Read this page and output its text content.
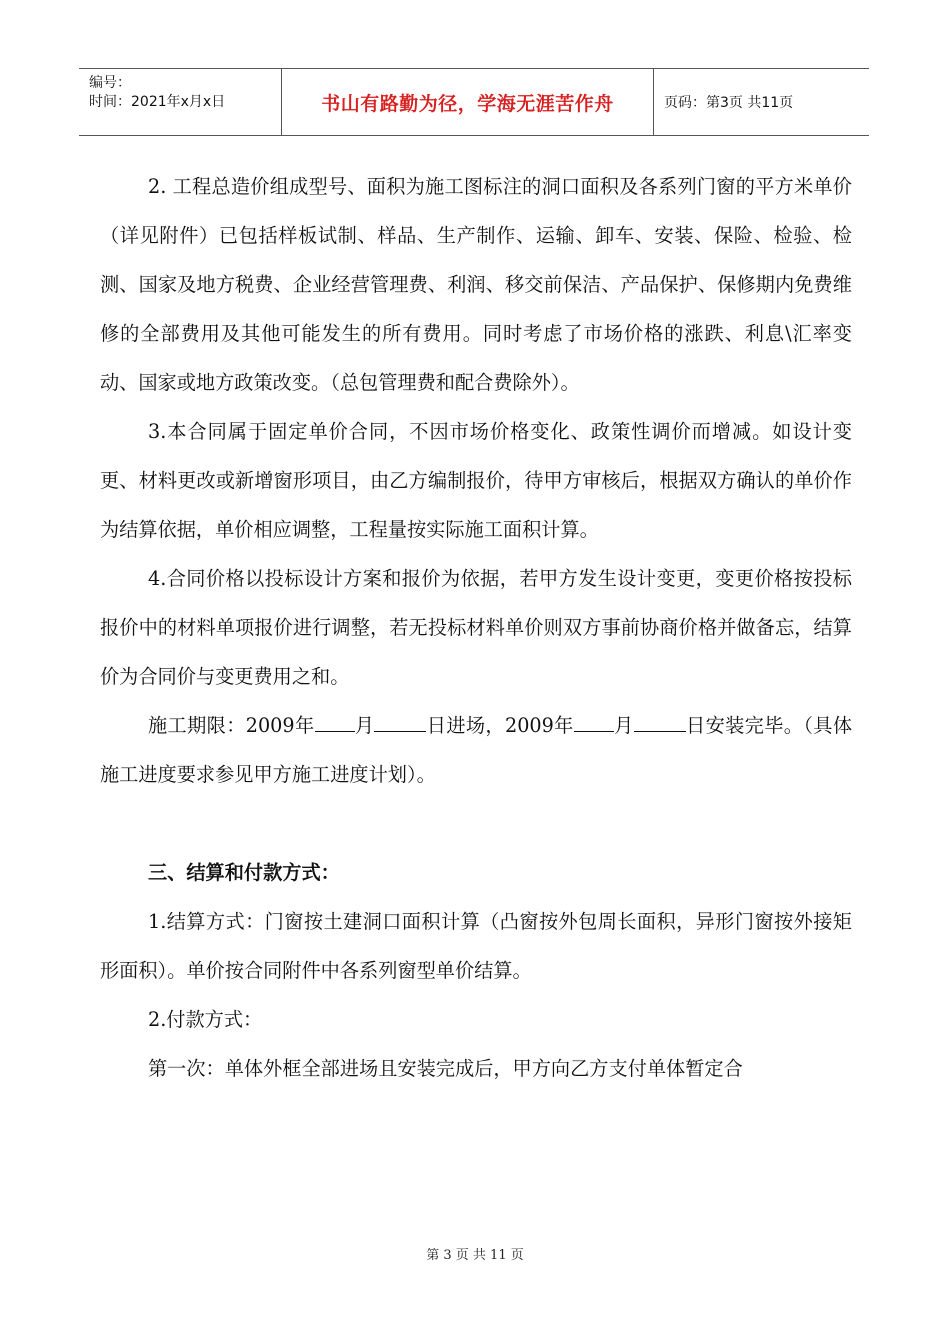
编号：
时间：2021年x月x日	书山有路勤为径，学海无涯苦作舟	页码：第3页 共11页

2. 工程总造价组成型号、面积为施工图标注的洞口面积及各系列门窗的平方米单价（详见附件）已包括样板试制、样品、生产制作、运输、卸车、安装、保险、检验、检测、国家及地方税费、企业经营管理费、利润、移交前保洁、产品保护、保修期内免费维修的全部费用及其他可能发生的所有费用。同时考虑了市场价格的涨跌、利息\汇率变动、国家或地方政策改变。（总包管理费和配合费除外）。

3.本合同属于固定单价合同，不因市场价格变化、政策性调价而增减。如设计变更、材料更改或新增窗形项目，由乙方编制报价，待甲方审核后，根据双方确认的单价作为结算依据，单价相应调整，工程量按实际施工面积计算。

4.合同价格以投标设计方案和报价为依据，若甲方发生设计变更，变更价格按投标报价中的材料单项报价进行调整，若无投标材料单价则双方事前协商价格并做备忘，结算价为合同价与变更费用之和。

施工期限：2009年 月	日进场，2009年 月	日安装完毕。（具体施工进度要求参见甲方施工进度计划）。

三、结算和付款方式：

1.结算方式：门窗按土建洞口面积计算（凸窗按外包周长面积，异形门窗按外接矩形面积）。单价按合同附件中各系列窗型单价结算。

2.付款方式：

第一次：单体外框全部进场且安装完成后，甲方向乙方支付单体暂定合

第 3 页 共 11 页
